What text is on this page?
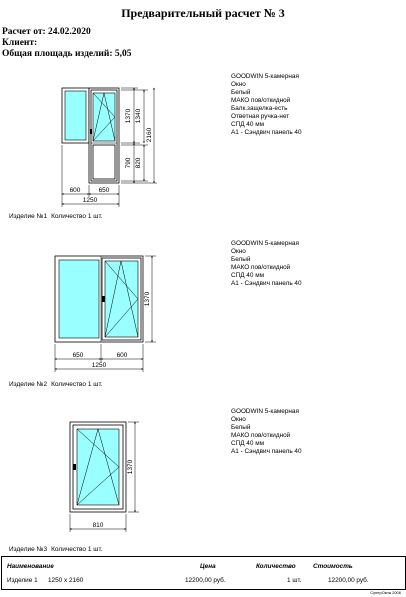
Предварительный расчет № 3
Расчет от: 24.02.2020
Клиент:
Общая площадь изделий: 5,05
GOODWIN 5-камерная
Окно
Белый
МАКО пов/откидной
Балк.защелка-есть
Ответная ручка-нет
СПД 40 мм
А1 - Сэндвич панель 40
GOODWIN 5-камерная
Окно
Белый
МАКО пов/откидной
СПД 40 мм
А1 - Сэндвич панель 40
GOODWIN 5-камерная
Окно
Белый
МАКО пов/откидной
СПД 40 мм
А1 - Сэндвич панель 40
1370
790
1340
820
2160
600	650
1250
1370
650	600
1250
1370
810
Изделие №1 Количество 1 шт.
Изделие №2 Количество 1 шт.
Изделие №3 Количество 1 шт.
Наименование	Цена	Количество	Стоимость
Изделие 1 1250 x 2160	12200,00 руб.	1 шт.	12200,00 руб.
СуперОкна 2006
